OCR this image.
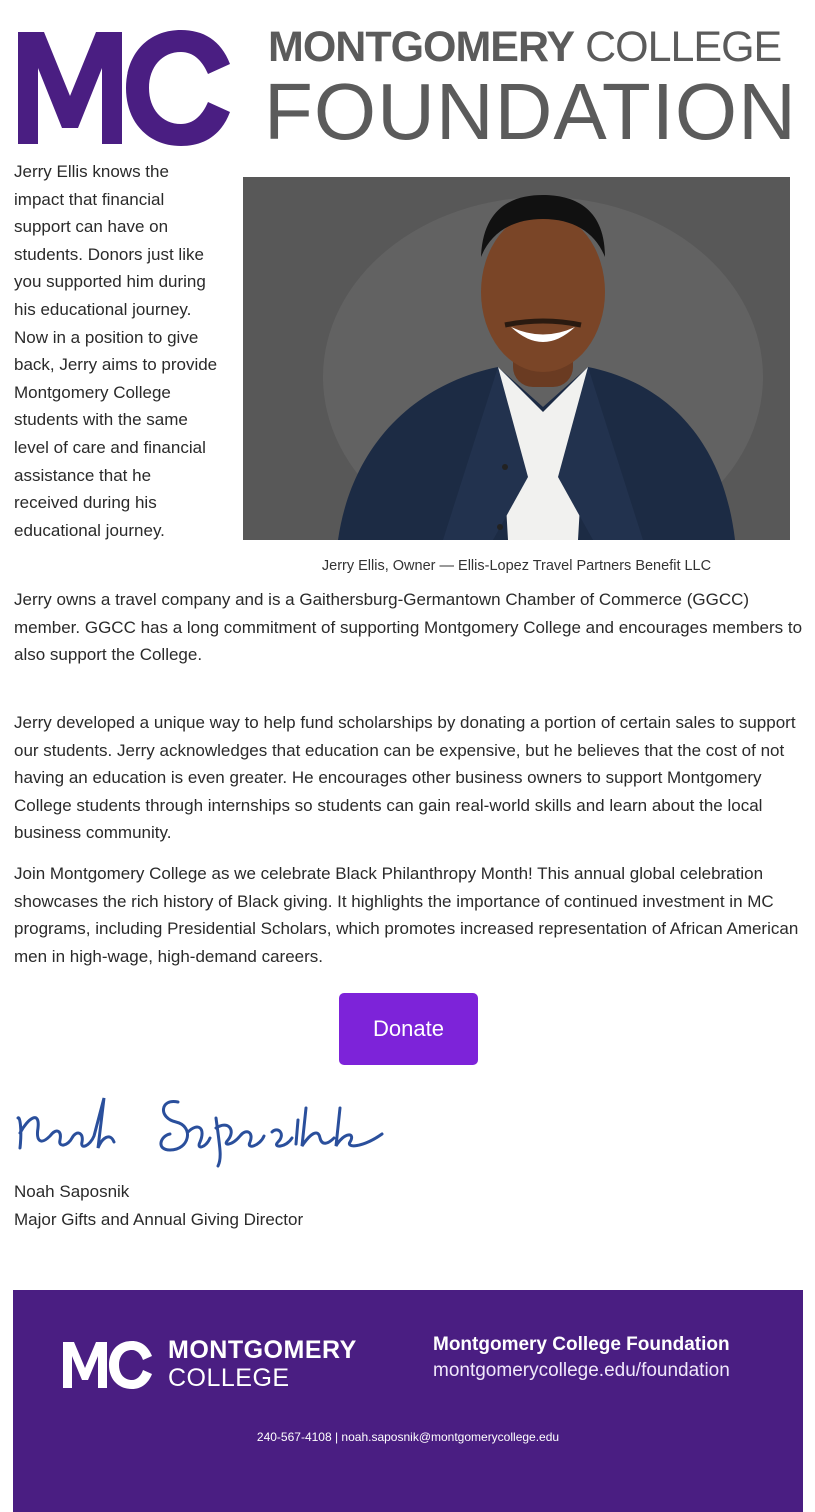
MONTGOMERY COLLEGE
FOUNDATION
Jerry Ellis knows the impact that financial support can have on students. Donors just like you supported him during his educational journey. Now in a position to give back, Jerry aims to provide Montgomery College students with the same level of care and financial assistance that he received during his educational journey.
Jerry Ellis, Owner — Ellis-Lopez Travel Partners Benefit LLC

Jerry owns a travel company and is a Gaithersburg-Germantown Chamber of Commerce (GGCC) member. GGCC has a long commitment of supporting Montgomery College and encourages members to also support the College.

Jerry developed a unique way to help fund scholarships by donating a portion of certain sales to support our students. Jerry acknowledges that education can be expensive, but he believes that the cost of not having an education is even greater. He encourages other business owners to support Montgomery College students through internships so students can gain real-world skills and learn about the local business community.

Join Montgomery College as we celebrate Black Philanthropy Month! This annual global celebration showcases the rich history of Black giving. It highlights the importance of continued investment in MC programs, including Presidential Scholars, which promotes increased representation of African American men in high-wage, high-demand careers.

Donate
Noah Saposnik
Major Gifts and Annual Giving Director
MONTGOMERY
COLLEGE
Montgomery College Foundation
montgomerycollege.edu/foundation
240-567-4108 | noah.saposnik@montgomerycollege.edu
